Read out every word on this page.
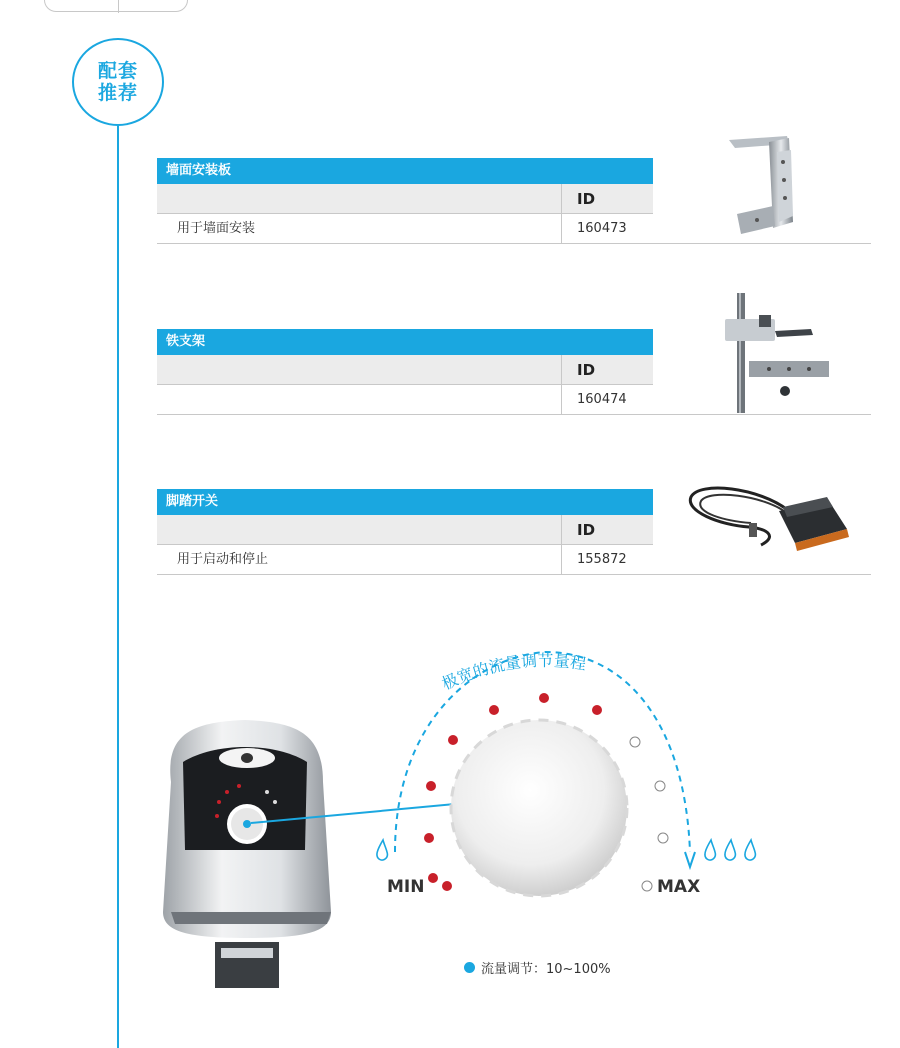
配套
推荐
墙面安装板
ID
用于墙面安装	160473
铁支架
ID
160474
脚踏开关
ID
用于启动和停止	155872
极宽的流量调节量程
MIN	MAX
流量调节：10~100%
